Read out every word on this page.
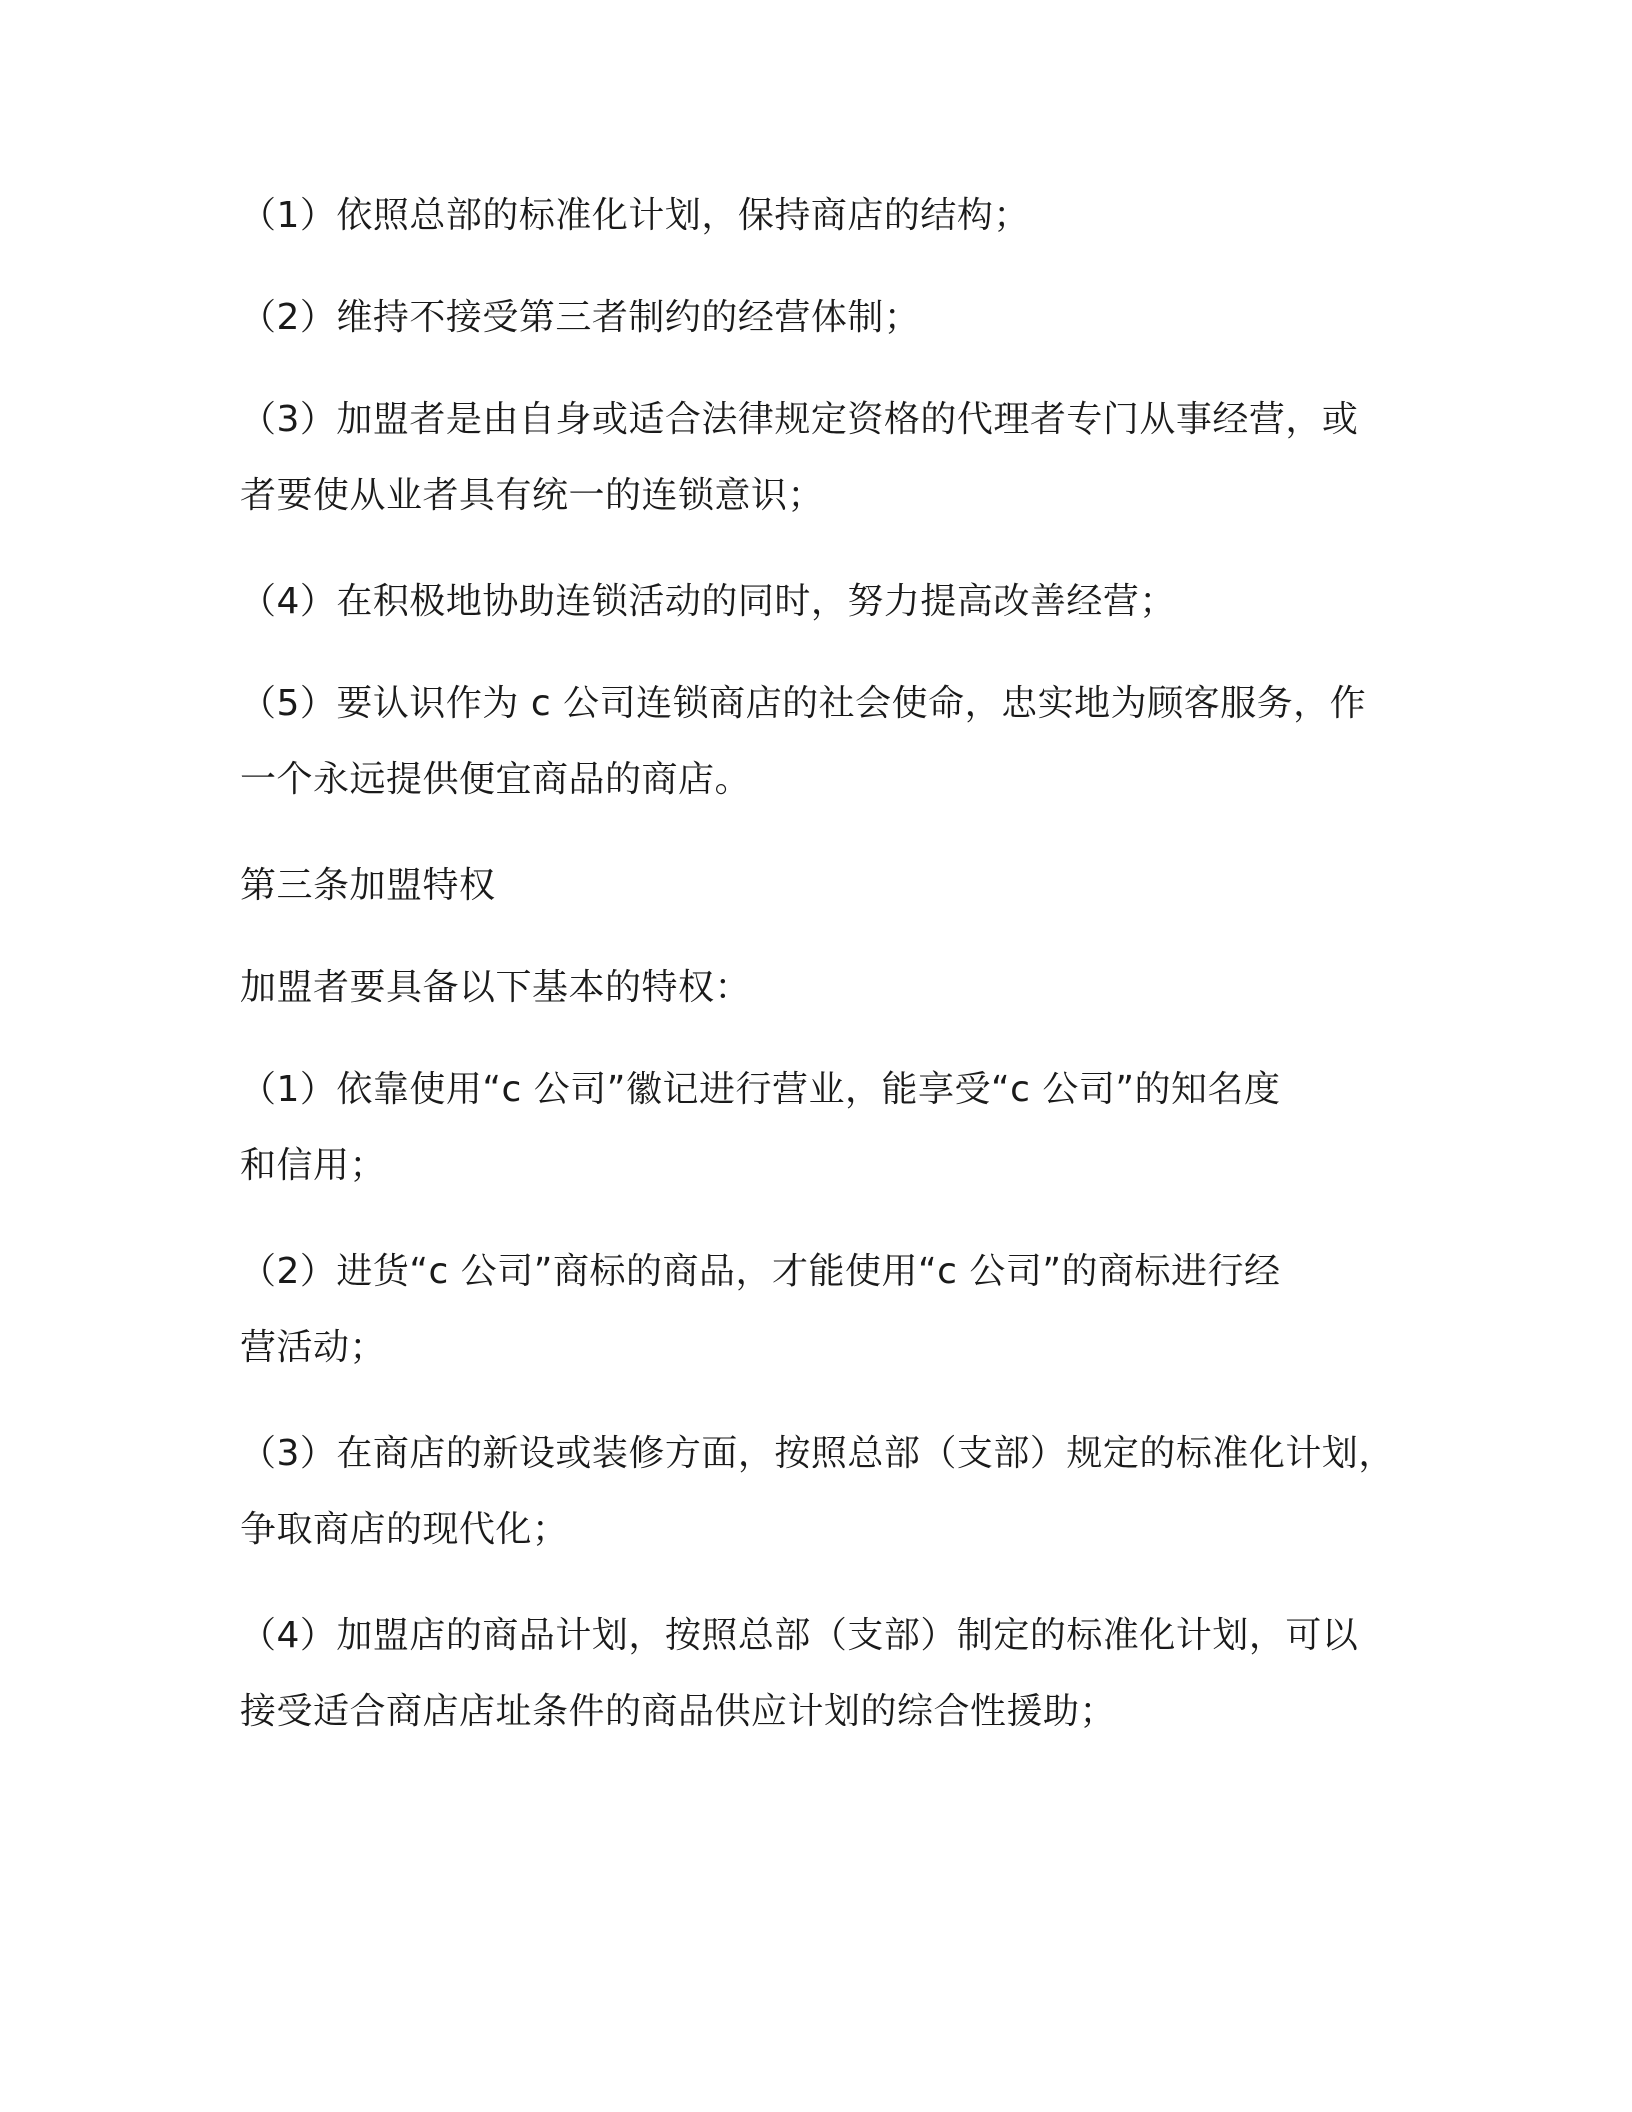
（1）依照总部的标准化计划，保持商店的结构；
（2）维持不接受第三者制约的经营体制；
（3）加盟者是由自身或适合法律规定资格的代理者专门从事经营，或
者要使从业者具有统一的连锁意识；
（4）在积极地协助连锁活动的同时，努力提高改善经营；
（5）要认识作为 c 公司连锁商店的社会使命，忠实地为顾客服务，作
一个永远提供便宜商品的商店。
第三条加盟特权
加盟者要具备以下基本的特权：
（1）依靠使用“c 公司”徽记进行营业，能享受“c 公司”的知名度
和信用；
（2）进货“c 公司”商标的商品，才能使用“c 公司”的商标进行经
营活动；
（3）在商店的新设或装修方面，按照总部（支部）规定的标准化计划，
争取商店的现代化；
（4）加盟店的商品计划，按照总部（支部）制定的标准化计划，可以
接受适合商店店址条件的商品供应计划的综合性援助；
